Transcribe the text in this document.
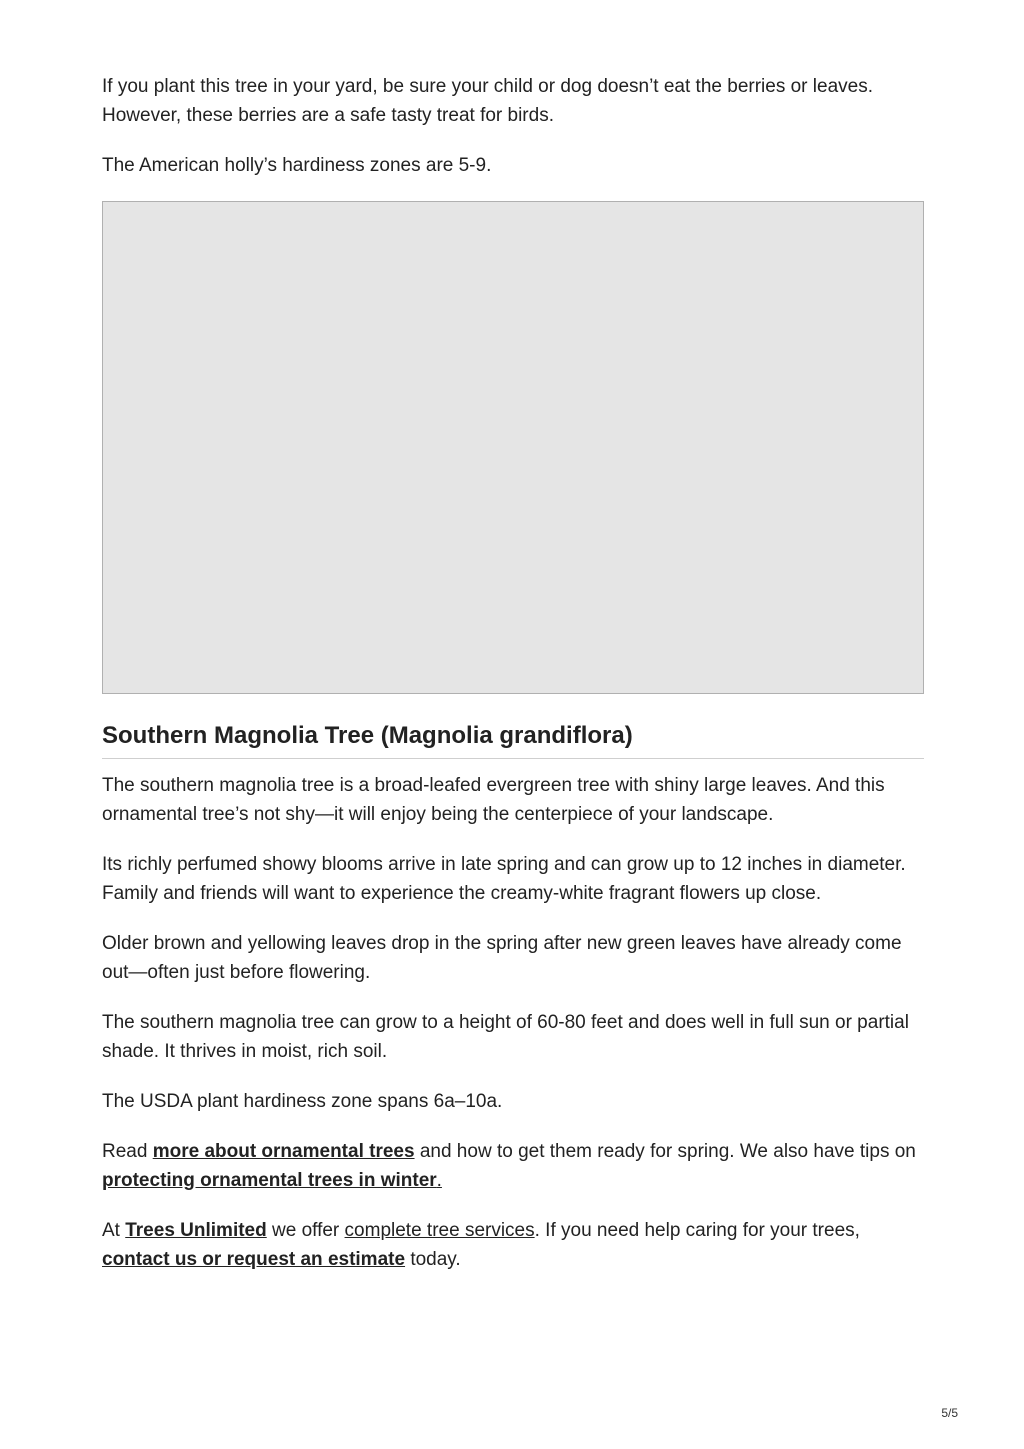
If you plant this tree in your yard, be sure your child or dog doesn’t eat the berries or leaves. However, these berries are a safe tasty treat for birds.

The American holly’s hardiness zones are 5-9.

Southern Magnolia Tree (Magnolia grandiflora)

The southern magnolia tree is a broad-leafed evergreen tree with shiny large leaves. And this ornamental tree’s not shy—it will enjoy being the centerpiece of your landscape.

Its richly perfumed showy blooms arrive in late spring and can grow up to 12 inches in diameter. Family and friends will want to experience the creamy-white fragrant flowers up close.

Older brown and yellowing leaves drop in the spring after new green leaves have already come out—often just before flowering.

The southern magnolia tree can grow to a height of 60-80 feet and does well in full sun or partial shade. It thrives in moist, rich soil.

The USDA plant hardiness zone spans 6a–10a.

Read more about ornamental trees and how to get them ready for spring. We also have tips on protecting ornamental trees in winter.

At Trees Unlimited we offer complete tree services. If you need help caring for your trees, contact us or request an estimate today.

5/5
